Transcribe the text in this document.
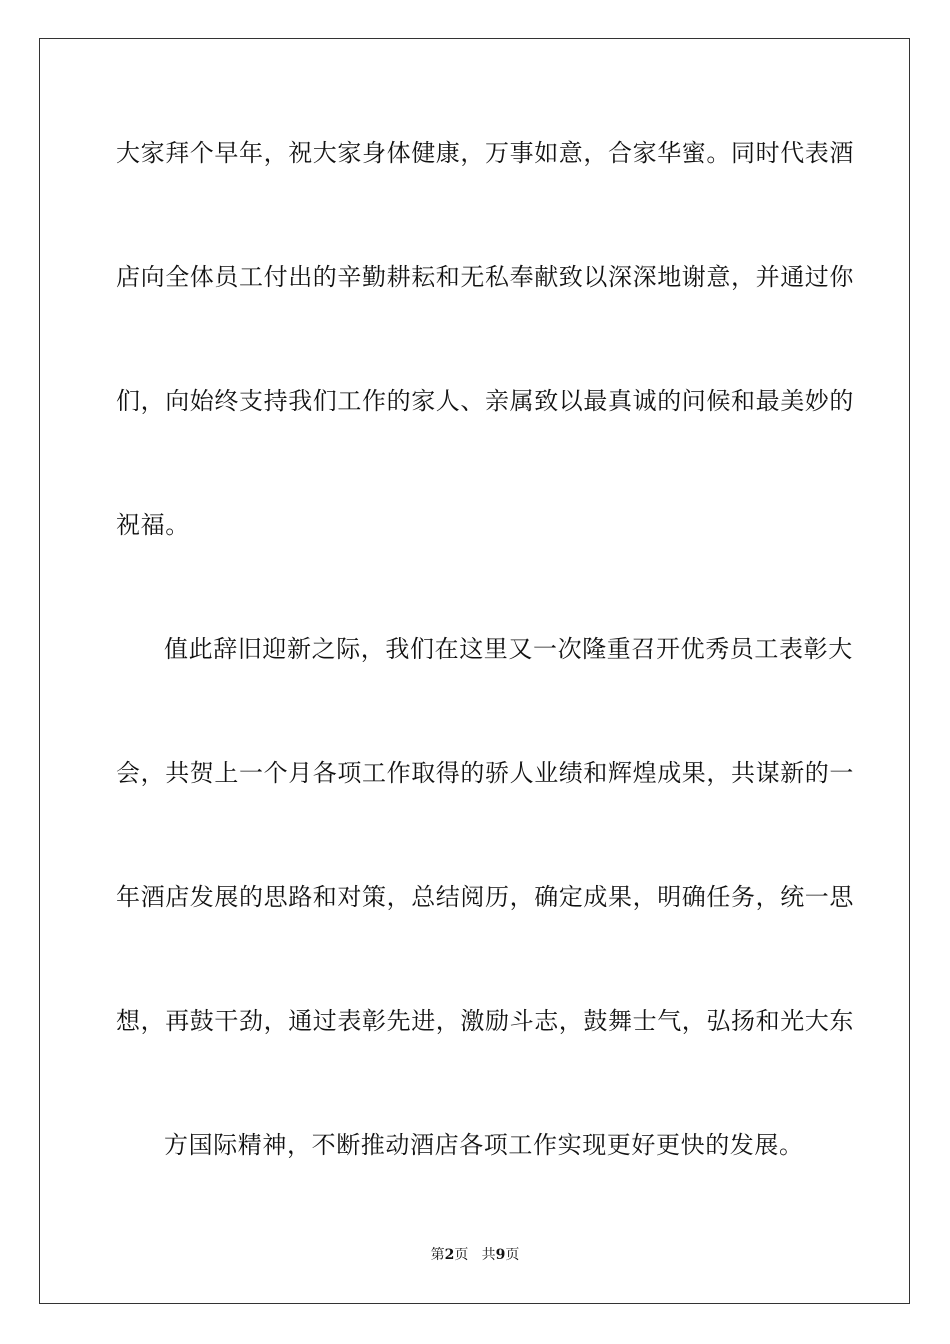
大家拜个早年，祝大家身体健康，万事如意，合家华蜜。同时代表酒
店向全体员工付出的辛勤耕耘和无私奉献致以深深地谢意，并通过你
们，向始终支持我们工作的家人、亲属致以最真诚的问候和最美妙的
祝福。
值此辞旧迎新之际，我们在这里又一次隆重召开优秀员工表彰大
会，共贺上一个月各项工作取得的骄人业绩和辉煌成果，共谋新的一
年酒店发展的思路和对策，总结阅历，确定成果，明确任务，统一思
想，再鼓干劲，通过表彰先进，激励斗志，鼓舞士气，弘扬和光大东
方国际精神，不断推动酒店各项工作实现更好更快的发展。
第2页 共9页
